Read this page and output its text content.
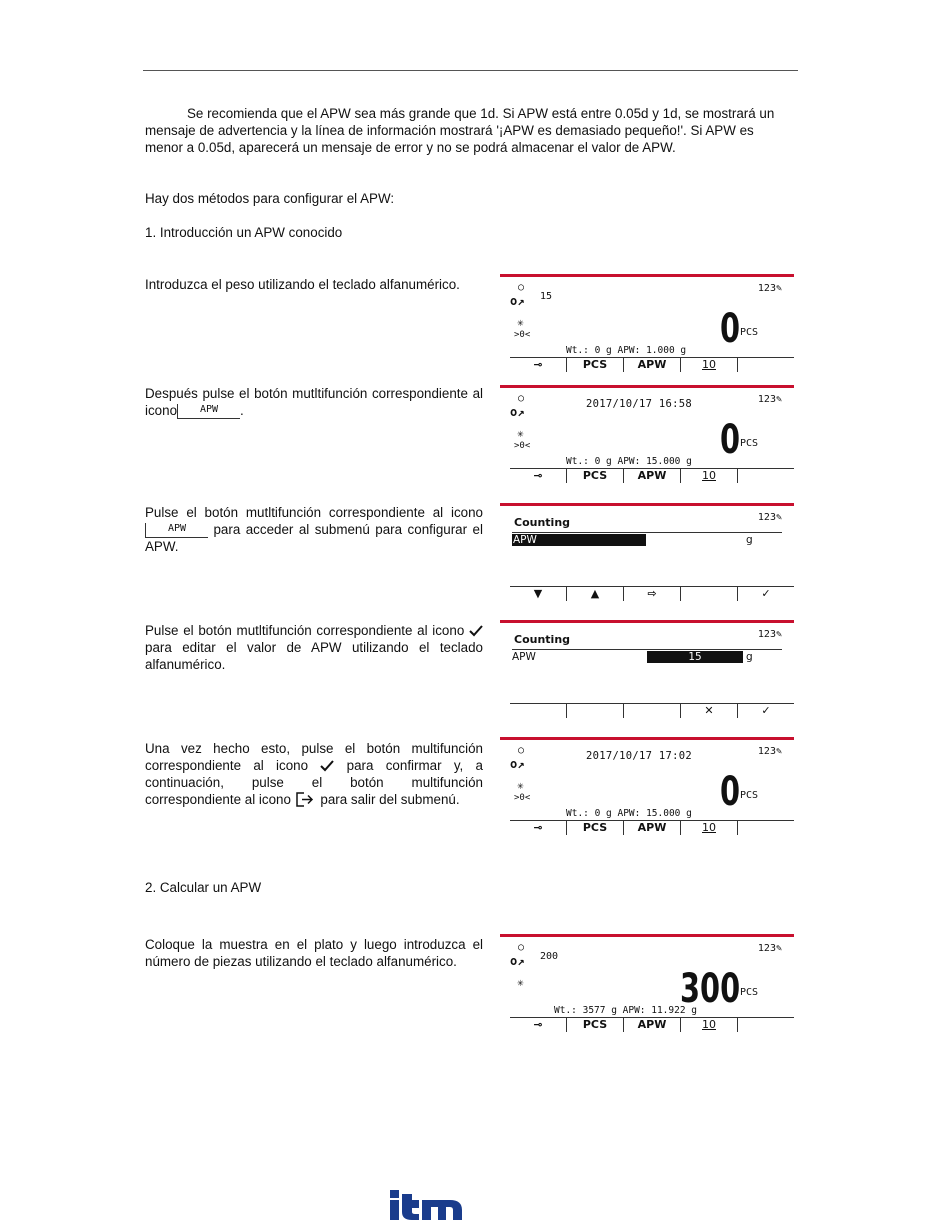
Se recomienda que el APW sea más grande que 1d. Si APW está entre 0.05d y 1d, se mostrará un mensaje de advertencia y la línea de información mostrará '¡APW es demasiado pequeño!'. Si APW es menor a 0.05d, aparecerá un mensaje de error y no se podrá almacenar el valor de APW.

Hay dos métodos para configurar el APW:

1. Introducción un APW conocido

Introduzca el peso utilizando el teclado alfanumérico.	○
o↗
✳
>0<
15
123✎
0 PCS
Wt.: 0 g APW: 1.000 g
⊸	PCS	APW	10

Después pulse el botón mutltifunción correspondiente al icono APW .

○
o↗
✳
>0<
2017/10/17 16:58	123✎
0 PCS
Wt.: 0 g APW: 15.000 g
⊸	PCS	APW	10

Pulse el botón mutltifunción correspondiente al icono APW para acceder al submenú para configurar el APW.

Counting	123✎
APW	g
▼	▲	⇨	✓

Pulse el botón mutltifunción correspondiente al icono  para editar el valor de APW utilizando el teclado alfanumérico.

Counting	123✎
APW	15	g
✕	✓

Una vez hecho esto, pulse el botón multifunción correspondiente al icono	para confirmar y, a continuación, pulse el botón multifunción correspondiente al icono para salir del submenú.

○
o↗
✳
>0<
2017/10/17 17:02	123✎
0 PCS
Wt.: 0 g APW: 15.000 g
⊸	PCS	APW	10

2. Calcular un APW

Coloque la muestra en el plato y luego introduzca el número de piezas utilizando el teclado alfanumérico.

○
o↗
✳
200
123✎
300 PCS
Wt.: 3577 g APW: 11.922 g
⊸	PCS	APW	10
